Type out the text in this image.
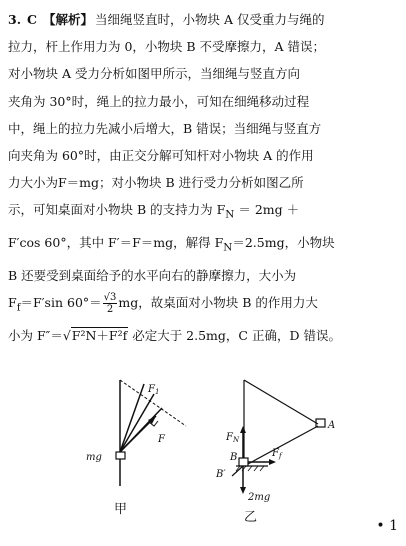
3. C 【解析】 当细绳竖直时，小物块 A 仅受重力与绳的
拉力，杆上作用力为 0，小物块 B 不受摩擦力，A 错误；
对小物块 A 受力分析如图甲所示，当细绳与竖直方向
夹角为 30°时，绳上的拉力最小，可知在细绳移动过程
中，绳上的拉力先减小后增大，B 错误；当细绳与竖直方
向夹角为 60°时，由正交分解可知杆对小物块 A 的作用
力大小为F＝mg；对小物块 B 进行受力分析如图乙所
示，可知桌面对小物块 B 的支持力为 $F_N = 2mg$ ＋
F′cos 60°，其中 F′＝F＝mg，解得 $F_N=2.5mg$，小物块
B 还要受到桌面给予的水平向右的静摩擦力，大小为
$F_f=F'\sin$ $60^\circ= \frac{√3}{2}$ mg，故桌面对小物块 B 的作用力大
小为 F″＝√F²N＋F²f 必定大于 2.5mg，C 正确，D 错误。
$F_1$
F
mg
甲
$F_N$
B
B′
$F_f$
A
2mg
乙
• 1
